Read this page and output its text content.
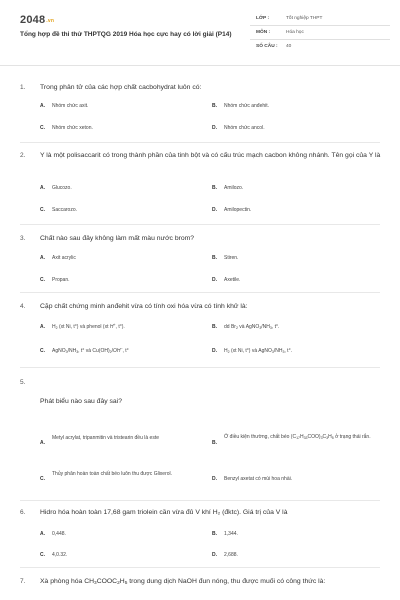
2048.vn
Tổng hợp đề thi thử THPTQG 2019 Hóa học cực hay có lời giải (P14)
LỚP :	Tốt nghiệp THPT
MÔN :	Hóa học
SỐ CÂU : 40
1. Trong phân tử của các hợp chất cacbohydrat luôn có:
A. Nhóm chức axit.	B. Nhóm chức anđehit.
C. Nhóm chức xeton.	D. Nhóm chức ancol.
2. Y là một polisaccarit có trong thành phần của tinh bột và có cấu trúc mạch cacbon không nhánh. Tên gọi của Y là
A. Glucozo.	B. Amilozo.
C. Saccarozo.	D. Amilopectin.
3. Chất nào sau đây không làm mất màu nước brom?
A. Axit acrylic	B. Stiren.
C. Propan.	D. Axetile.
4. Cặp chất chứng minh anđehit vừa có tính oxi hóa vừa có tính khử là:
A. $H_2$ (xt Ni, t°) và phenol (xt H+, t°).	B. dd $Br_2$ và $AgNO_3/NH_3$, t°.
C. $AgNO_3/NH_3$, t° và $Cu(OH)_2/OH^-$, t°	D. $H_2$ (xt Ni, t°) và $AgNO_3/NH_3$, t°.
5.
Phát biểu nào sau đây sai?
A.
Metyl acrylat, tripanmitin và tristearin đều là este
B.
Ở điều kiện thường, chất béo $(C_{17}H_{33}COO)_3C_3H_5$ ở trạng thái rắn.
C.
Thủy phân hoàn toàn chất béo luôn thu được Glixerol.
D. Benzyl axetat có mùi hoa nhài.
6. Hidro hóa hoàn toàn 17,68 gam triolein cần vừa đủ V khí H₂ (đktc). Giá trị của V là
A. 0,448.	B. 1,344.
C. 4,0.32.	D. 2,688.
7. Xà phòng hóa $CH_3COOC_2H_5$ trong dung dịch NaOH đun nóng, thu được muối có công thức là:
